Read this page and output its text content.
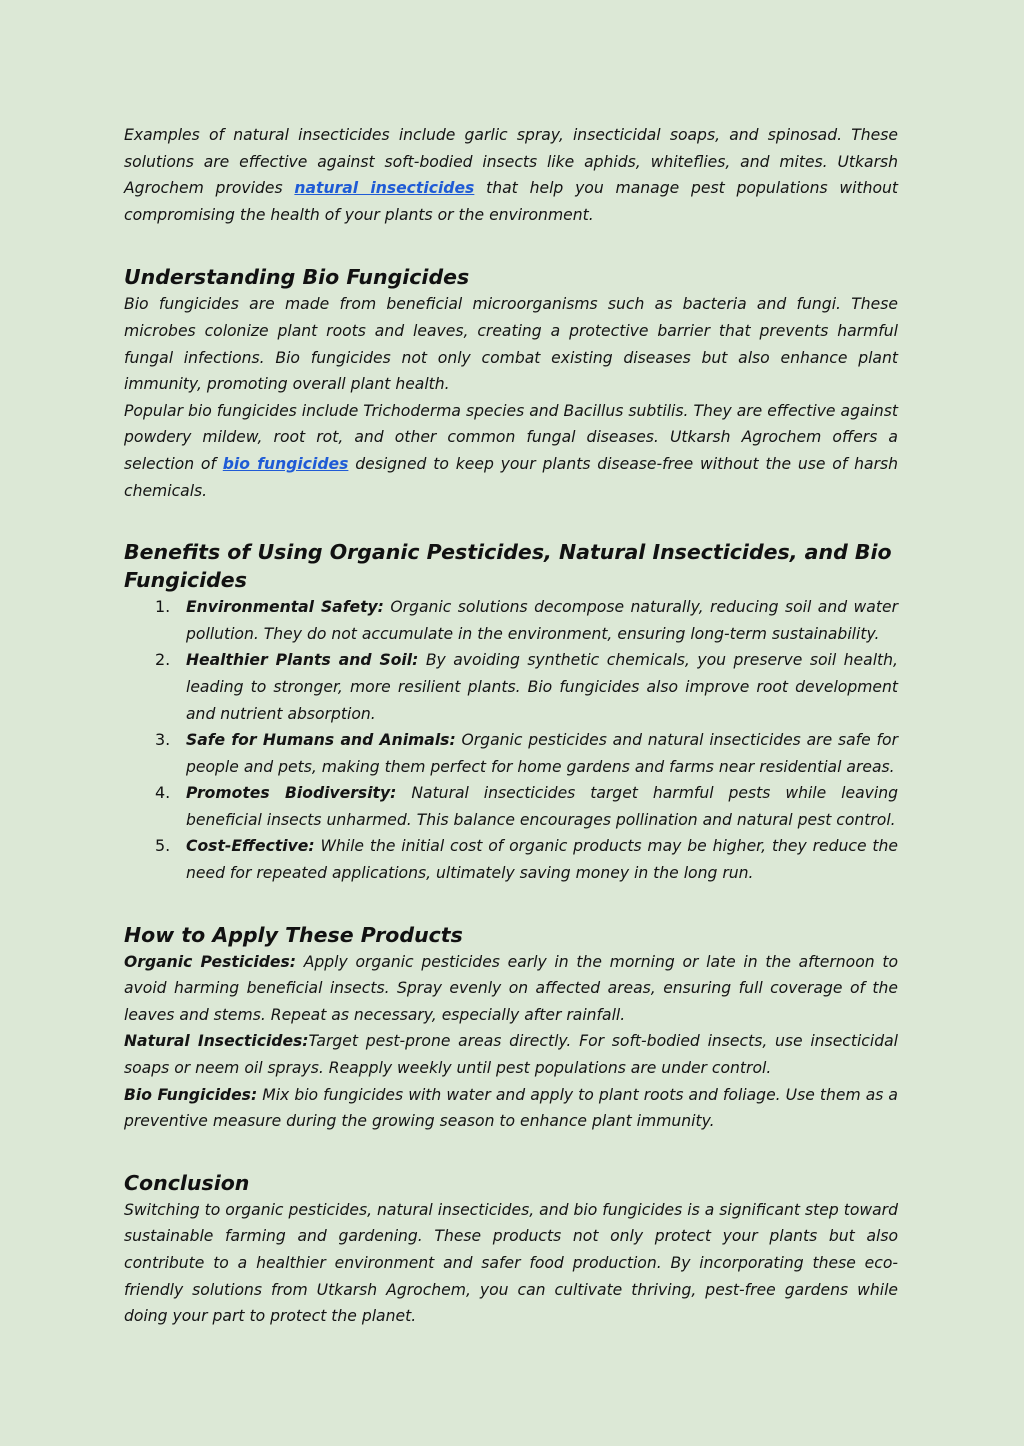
Examples of natural insecticides include garlic spray, insecticidal soaps, and spinosad. These solutions are effective against soft-bodied insects like aphids, whiteflies, and mites. Utkarsh Agrochem provides natural insecticides that help you manage pest populations without compromising the health of your plants or the environment.

Understanding Bio Fungicides

Bio fungicides are made from beneficial microorganisms such as bacteria and fungi. These microbes colonize plant roots and leaves, creating a protective barrier that prevents harmful fungal infections. Bio fungicides not only combat existing diseases but also enhance plant immunity, promoting overall plant health.

Popular bio fungicides include Trichoderma species and Bacillus subtilis. They are effective against powdery mildew, root rot, and other common fungal diseases. Utkarsh Agrochem offers a selection of bio fungicides designed to keep your plants disease-free without the use of harsh chemicals.

Benefits of Using Organic Pesticides, Natural Insecticides, and Bio Fungicides
1. Environmental Safety: Organic solutions decompose naturally, reducing soil and water pollution. They do not accumulate in the environment, ensuring long-term sustainability.

2. Healthier Plants and Soil: By avoiding synthetic chemicals, you preserve soil health, leading to stronger, more resilient plants. Bio fungicides also improve root development and nutrient absorption.

3. Safe for Humans and Animals: Organic pesticides and natural insecticides are safe for people and pets, making them perfect for home gardens and farms near residential areas.

4. Promotes Biodiversity: Natural insecticides target harmful pests while leaving beneficial insects unharmed. This balance encourages pollination and natural pest control.

5. Cost-Effective: While the initial cost of organic products may be higher, they reduce the need for repeated applications, ultimately saving money in the long run.

How to Apply These Products

Organic Pesticides: Apply organic pesticides early in the morning or late in the afternoon to avoid harming beneficial insects. Spray evenly on affected areas, ensuring full coverage of the leaves and stems. Repeat as necessary, especially after rainfall.

Natural Insecticides:Target pest-prone areas directly. For soft-bodied insects, use insecticidal soaps or neem oil sprays. Reapply weekly until pest populations are under control.

Bio Fungicides: Mix bio fungicides with water and apply to plant roots and foliage. Use them as a preventive measure during the growing season to enhance plant immunity.

Conclusion

Switching to organic pesticides, natural insecticides, and bio fungicides is a significant step toward sustainable farming and gardening. These products not only protect your plants but also contribute to a healthier environment and safer food production. By incorporating these eco-friendly solutions from Utkarsh Agrochem, you can cultivate thriving, pest-free gardens while doing your part to protect the planet.
